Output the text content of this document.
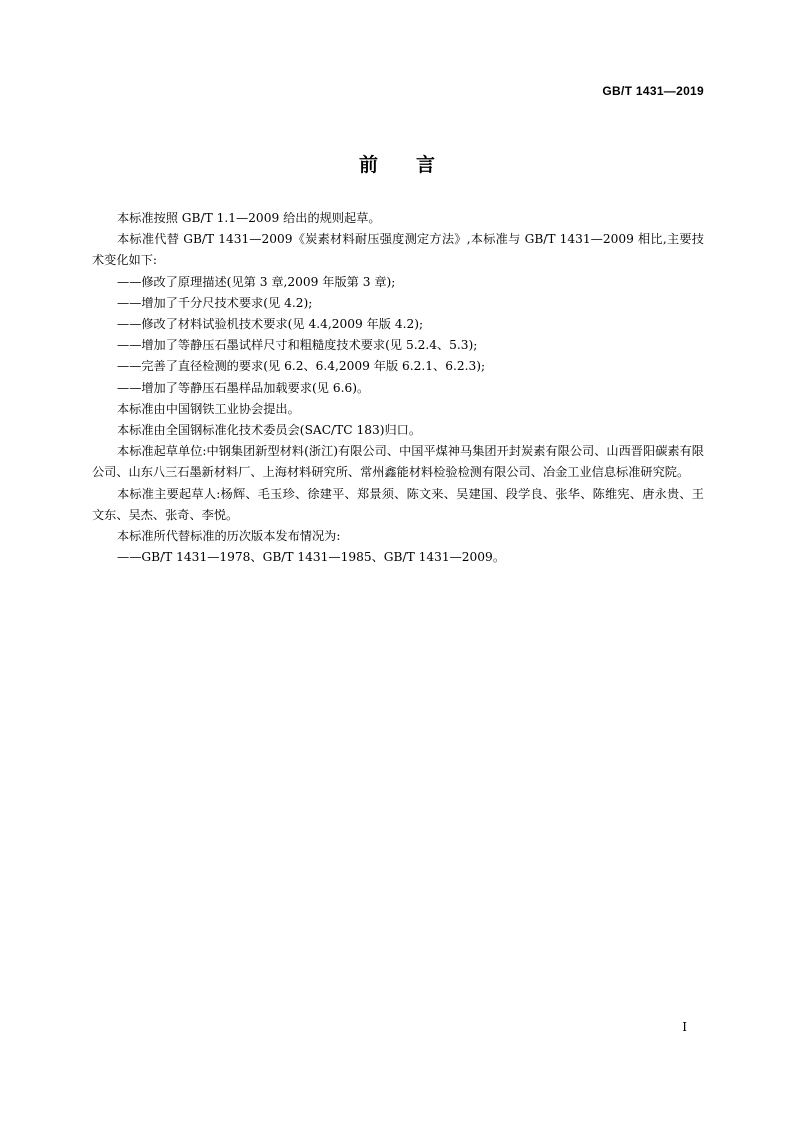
GB/T 1431—2019
前言

本标准按照 GB/T 1.1—2009 给出的规则起草。

本标准代替 GB/T 1431—2009《炭素材料耐压强度测定方法》,本标准与 GB/T 1431—2009 相比,主要技术变化如下:

——修改了原理描述(见第 3 章,2009 年版第 3 章);

——增加了千分尺技术要求(见 4.2);

——修改了材料试验机技术要求(见 4.4,2009 年版 4.2);

——增加了等静压石墨试样尺寸和粗糙度技术要求(见 5.2.4、5.3);

——完善了直径检测的要求(见 6.2、6.4,2009 年版 6.2.1、6.2.3);

——增加了等静压石墨样品加载要求(见 6.6)。

本标准由中国钢铁工业协会提出。

本标准由全国钢标准化技术委员会(SAC/TC 183)归口。

本标准起草单位:中钢集团新型材料(浙江)有限公司、中国平煤神马集团开封炭素有限公司、山西晋阳碳素有限公司、山东八三石墨新材料厂、上海材料研究所、常州鑫能材料检验检测有限公司、冶金工业信息标准研究院。

本标准主要起草人:杨辉、毛玉珍、徐建平、郑景须、陈文来、吴建国、段学良、张华、陈维宪、唐永贵、王文东、吴杰、张奇、李悦。

本标准所代替标准的历次版本发布情况为:

——GB/T 1431—1978、GB/T 1431—1985、GB/T 1431—2009。

I
